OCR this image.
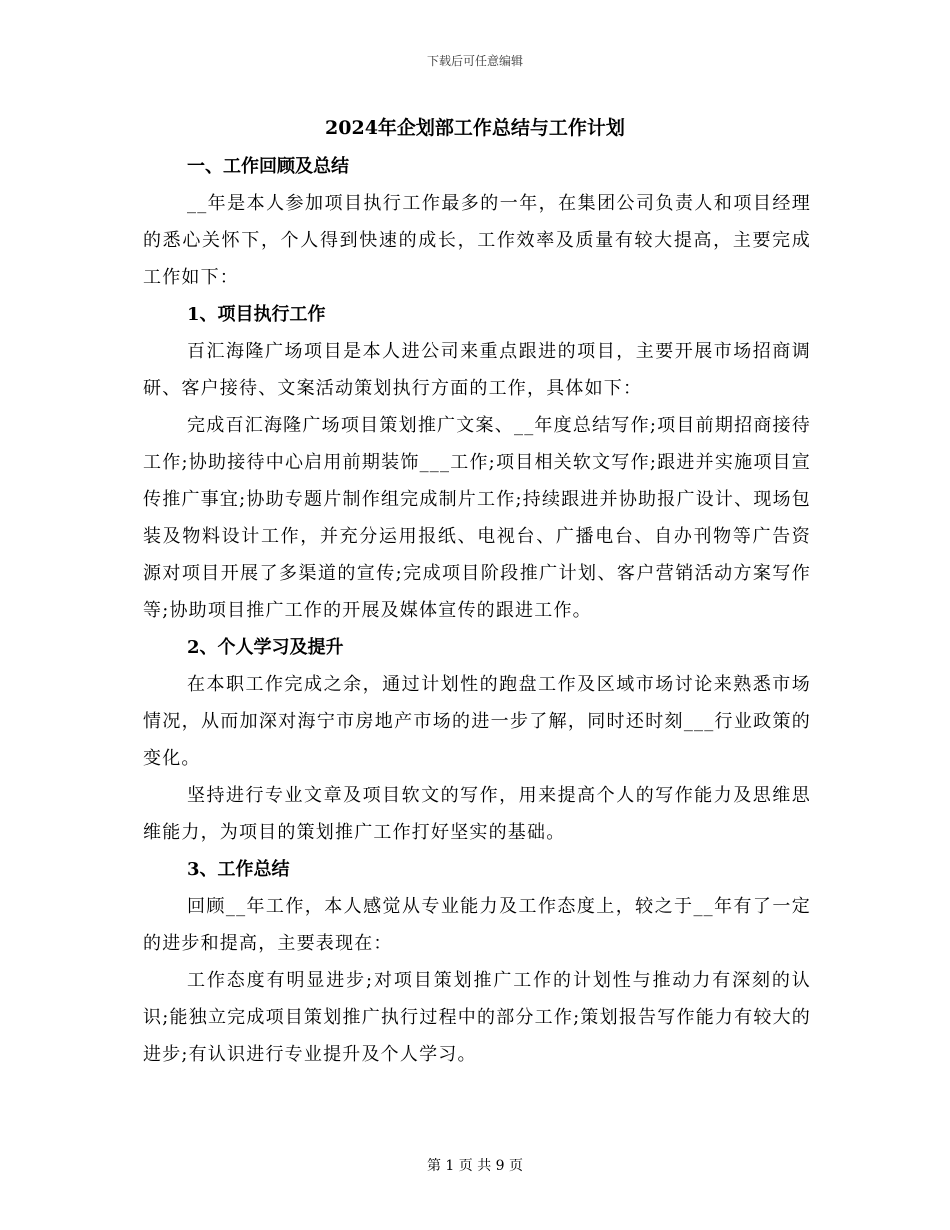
下载后可任意编辑
2024年企划部工作总结与工作计划

一、工作回顾及总结

__年是本人参加项目执行工作最多的一年，在集团公司负责人和项目经理的悉心关怀下，个人得到快速的成长，工作效率及质量有较大提高，主要完成工作如下：

1、项目执行工作

百汇海隆广场项目是本人进公司来重点跟进的项目，主要开展市场招商调研、客户接待、文案活动策划执行方面的工作，具体如下：

完成百汇海隆广场项目策划推广文案、__年度总结写作;项目前期招商接待工作;协助接待中心启用前期装饰___工作;项目相关软文写作;跟进并实施项目宣传推广事宜;协助专题片制作组完成制片工作;持续跟进并协助报广设计、现场包装及物料设计工作，并充分运用报纸、电视台、广播电台、自办刊物等广告资源对项目开展了多渠道的宣传;完成项目阶段推广计划、客户营销活动方案写作等;协助项目推广工作的开展及媒体宣传的跟进工作。

2、个人学习及提升

在本职工作完成之余，通过计划性的跑盘工作及区域市场讨论来熟悉市场情况，从而加深对海宁市房地产市场的进一步了解，同时还时刻___行业政策的变化。

坚持进行专业文章及项目软文的写作，用来提高个人的写作能力及思维思维能力，为项目的策划推广工作打好坚实的基础。

3、工作总结

回顾__年工作，本人感觉从专业能力及工作态度上，较之于__年有了一定的进步和提高，主要表现在：

工作态度有明显进步;对项目策划推广工作的计划性与推动力有深刻的认识;能独立完成项目策划推广执行过程中的部分工作;策划报告写作能力有较大的进步;有认识进行专业提升及个人学习。

第 1 页 共 9 页
